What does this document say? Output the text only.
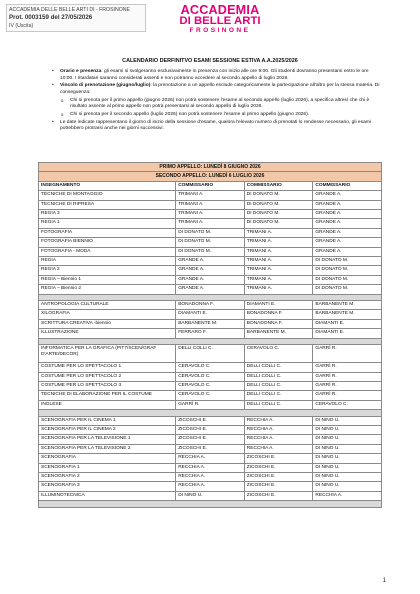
ACCADEMIA DELLE BELLE ARTI DI - FROSINONE
Prot. 0003159 del 27/05/2026
IV (Uscita)
ACCADEMIA
DI BELLE ARTI
FROSINONE
CALENDARIO DERFINITVO ESAMI SESSIONE ESTIVA A.A.2025/2026
• Orario e presenza: gli esami si svolgeranno esclusivamente in presenza con inizio alle ore 9:00. Gli studenti dovranno presentarsi entro le ore 10:00. I ritardatari saranno considerati assenti e non potranno accedere al secondo appello di luglio 2026.
• Vincolo di prenotazione (giugno/luglio): la prenotazione a un appello esclude categoricamente la partecipazione all'altro per la stessa materia. Di conseguenza:
o Chi si prenota per il primo appello (giugno 2026) non potrà sostenere l'esame al secondo appello (luglio 2026), a specifica altresì che chi è risultato assente al primo appello non potrà presentarsi al secondo appello di luglio 2026.
o Chi si prenota per il secondo appello (luglio 2026) non potrà sostenere l'esame al primo appello (giugno 2026).
• Le date indicate rappresentano il giorno di inizio della sessione d'esame, qualora l'elevato numero di prenotati lo rendesse necessario, gli esami potrebbero protrarsi anche nei giorni successivi.
PRIMO APPELLO: LUNEDÌ 8 GIUGNO 2026			
SECONDO APPELLO: LUNEDÌ 6 LUGLIO 2026			
INSEGNAMENTO	COMMISSARIO	COMMISSARIO	COMMISSARIO
TECNICHE DI MONTAGGIO	TRIMANI A.	DI DONATO M.	GRANDE A.
TECNICHE DI RIPRESA	TRIMANI A.	DI DONATO M.	GRANDE A.
REGIA 3	TRIMANI A.	DI DONATO M.	GRANDE A.
REGIA 1	TRIMANI A.	DI DONATO M.	GRANDE A.
FOTOGRAFIA	DI DONATO M.	TRIMANI A.	GRANDE A.
FOTOGRAFIA BIENNIO	DI DONATO M.	TRIMANI A.	GRANDE A.
FOTOGRAFIA - MODA	DI DONATO M.	TRIMANI A.	GRANDE A.
REGIA	GRANDE A.	TRIMANI A.	DI DONATO M.
REGIA 2	GRANDE A.	TRIMANI A.	DI DONATO M.
REGIA – Biennio 1	GRANDE A.	TRIMANI A.	DI DONATO M.
REGIA – Biennio 2	GRANDE A.	TRIMANI A.	DI DONATO M.

ANTROPOLOGIA CULTURALE	BONADONNA F.	DIAMANTI E.	BARBANENTE M.
XILOGRAFIA	DIAMANTI E.	BONADONNA F.	BARBANENTE M.
SCRITTURA CREATIVA -biennio	BARBANENTE M.	BONADONNA F.	DIAMANTI E.
ILLUSTRAZIONE	FERRARO F.	BARBANENTE M.	DIAMANTI E.

INFORMATICA PER LA GRAFICA (PIT7/SCEN/GRAF D'ARTE/DECOR)	DELLI COLLI C.	CERAVOLO C.	GARRÌ R.
COSTUME PER LO SPETTACOLO 1	CERAVOLO C.	DELLI COLLI C.	GARRÌ R.
COSTUME PER LO SPETTACOLO 2	CERAVOLO C.	DELLI COLLI C.	GARRÌ R.
COSTUME PER LO SPETTACOLO 3	CERAVOLO C.	DELLI COLLI C.	GARRÌ R.
TECNICHE DI ELABORAZIONE PER IL COSTUME	CERAVOLO C.	DELLI COLLI C.	GARRÌ R.
INGLESE	GARRÌ R.	DELLI COLLI C.	CERAVOLO C.

SCENOGRAFIA PER IL CINEMA 1	ZICOSCHI E.	RECCHIA A.	DI NINO U.
SCENOGRAFIA PER IL CINEMA 2	ZICOSCHI E.	RECCHIA A.	DI NINO U.
SCENOGRAFIA PER LA TELEVISIONE 1	ZICOSCHI E.	RECCHIA A.	DI NINO U.
SCENOGRAFIA PER LA TELEVISIONE 2	ZICOSCHI E.	RECCHIA A.	DI NINO U.
SCENOGRAFIA	RECCHIA A.	ZICOSCHI E.	DI NINO U.
SCENOGRAFIA 1	RECCHIA A.	ZICOSCHI E.	DI NINO U.
SCENOGRAFIA 2	RECCHIA A.	ZICOSCHI E.	DI NINO U.
SCENOGRAFIA 3	RECCHIA A.	ZICOSCHI E.	DI NINO U.
ILLUMINOTECNICA	DI NINO U.	ZICOSCHI E.	RECCHIA A.

1
